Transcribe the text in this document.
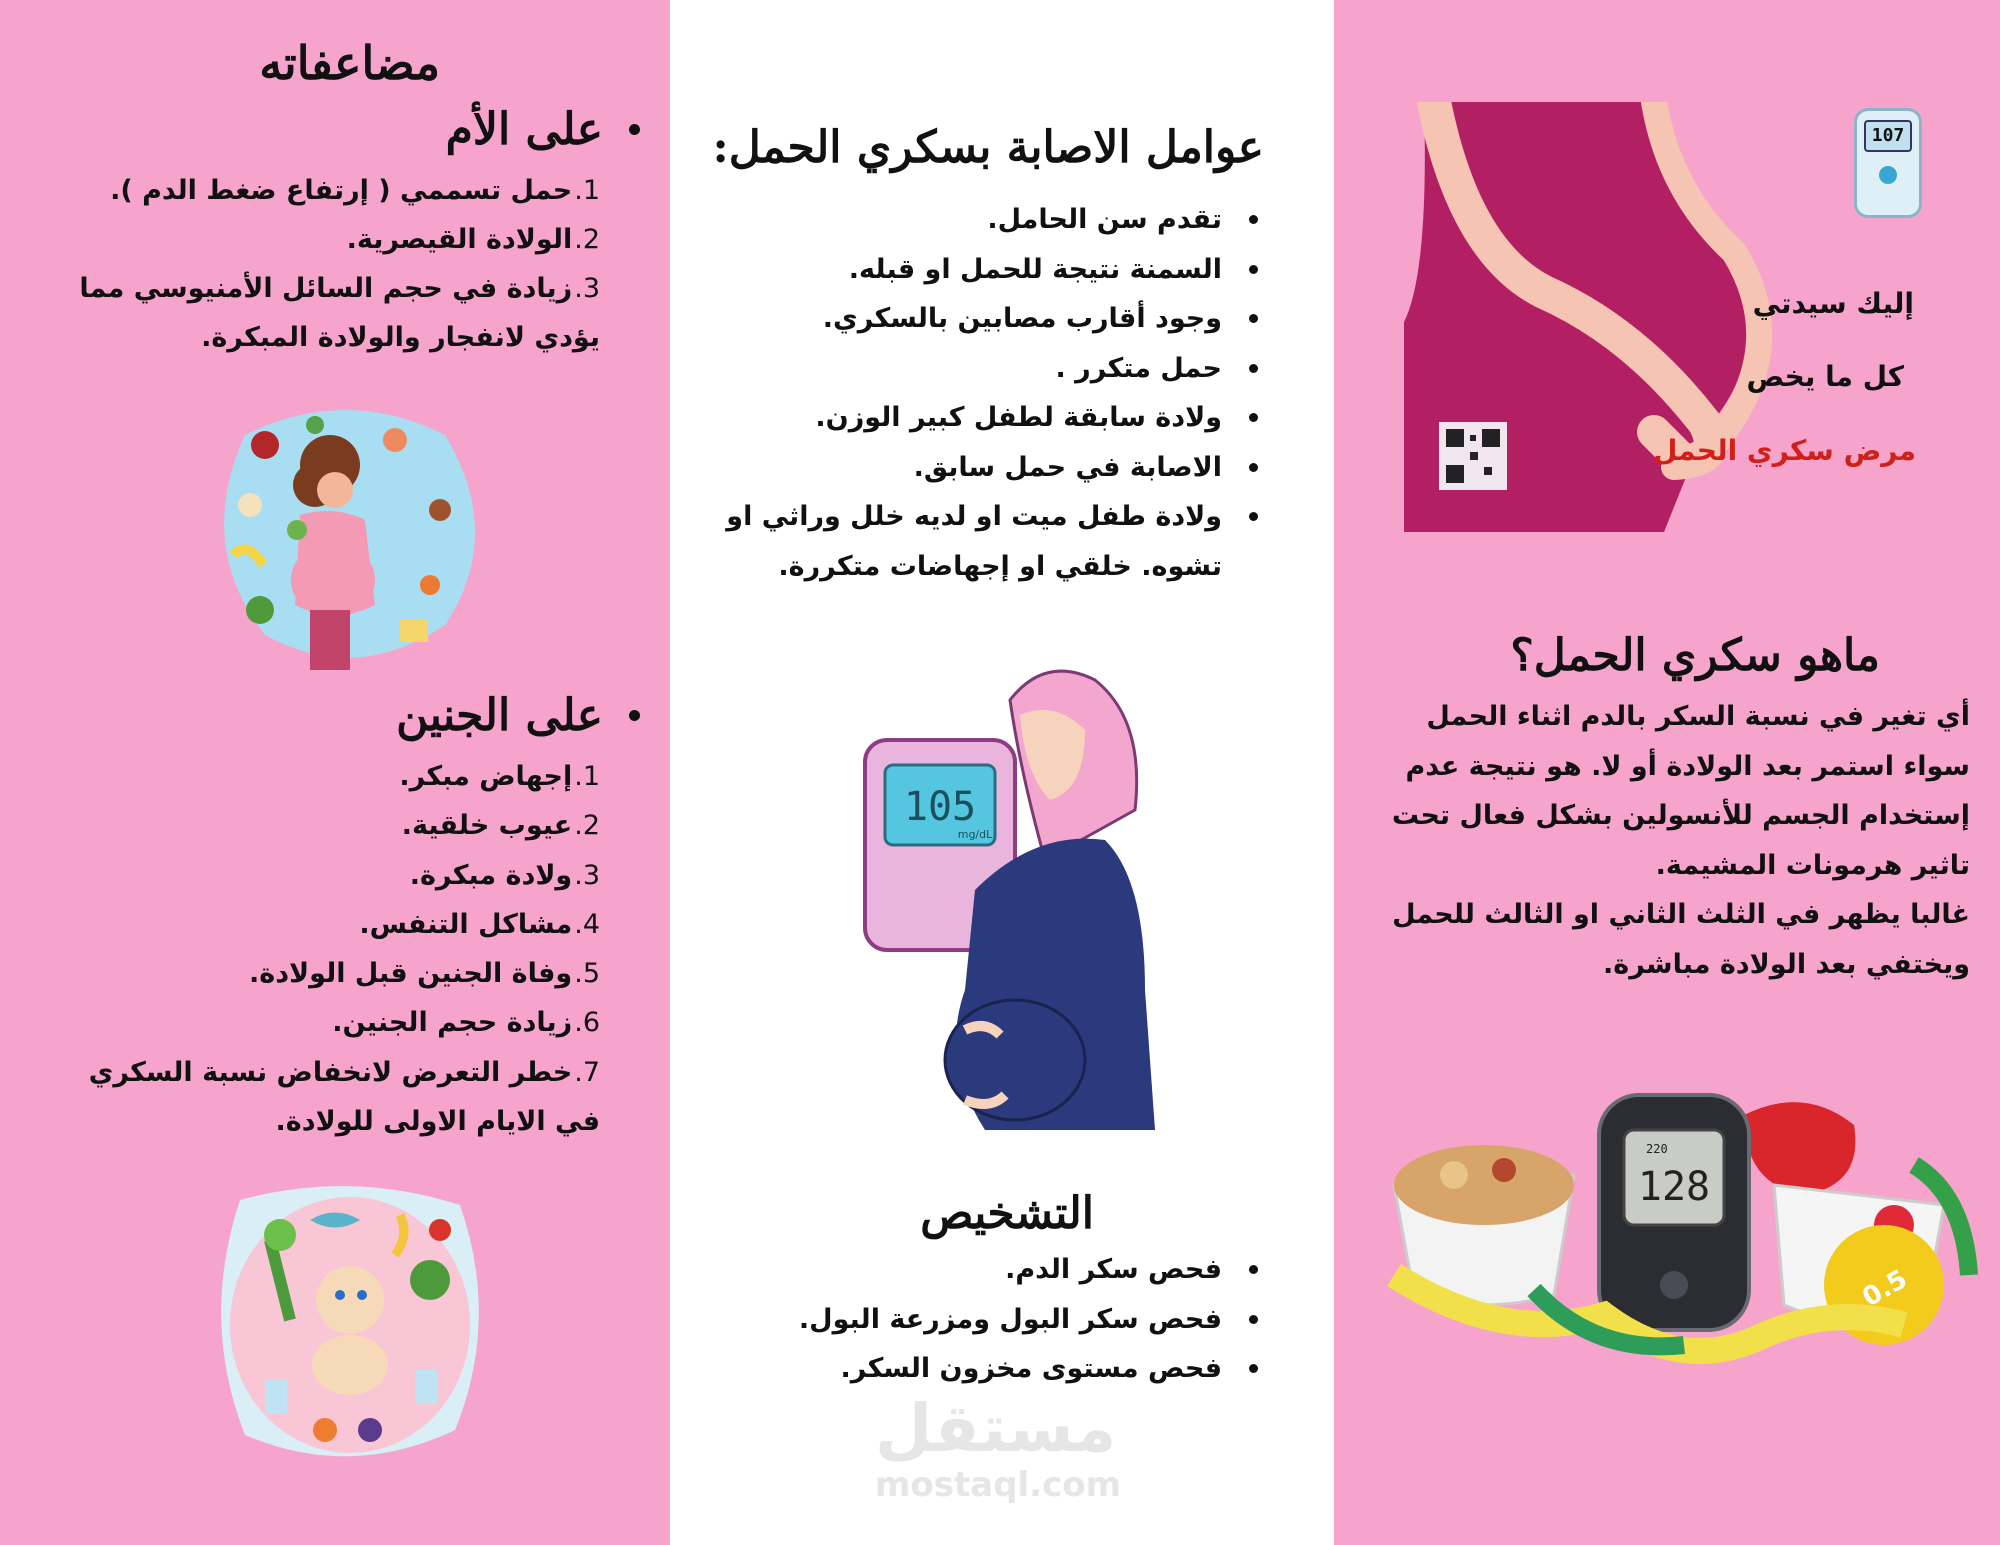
مضاعفاته
على الأم
1.حمل تسممي ( إرتفاع ضغط الدم ).
2.الولادة القيصرية.
3.زيادة في حجم السائل الأمنيوسي مما يؤدي لانفجار والولادة المبكرة.
على الجنين
1.إجهاض مبكر.
2.عيوب خلقية.
3.ولادة مبكرة.
4.مشاكل التنفس.
5.وفاة الجنين قبل الولادة.
6.زيادة حجم الجنين.
7.خطر التعرض لانخفاض نسبة السكري في الايام الاولى للولادة.
عوامل الاصابة بسكري الحمل:
تقدم سن الحامل.
السمنة نتيجة للحمل او قبله.
وجود أقارب مصابين بالسكري.
حمل متكرر .
ولادة سابقة لطفل كبير الوزن.
الاصابة في حمل سابق.
ولادة طفل ميت او لديه خلل وراثي او تشوه. خلقي او إجهاضات متكررة.
105
mg/dL
التشخيص
فحص سكر الدم.
فحص سكر البول ومزرعة البول.
فحص مستوى مخزون السكر.
مستقل
mostaql.com
107
إليك سيدتي
كل ما يخص
مرض سكري الحمل
ماهو سكري الحمل؟

أي تغير في نسبة السكر بالدم اثناء الحمل سواء استمر بعد الولادة أو لا. هو نتيجة عدم إستخدام الجسم للأنسولين بشكل فعال تحت تاثير هرمونات المشيمة.

غالبا يظهر في الثلث الثاني او الثالث للحمل ويختفي بعد الولادة مباشرة.

220
128
0.5
